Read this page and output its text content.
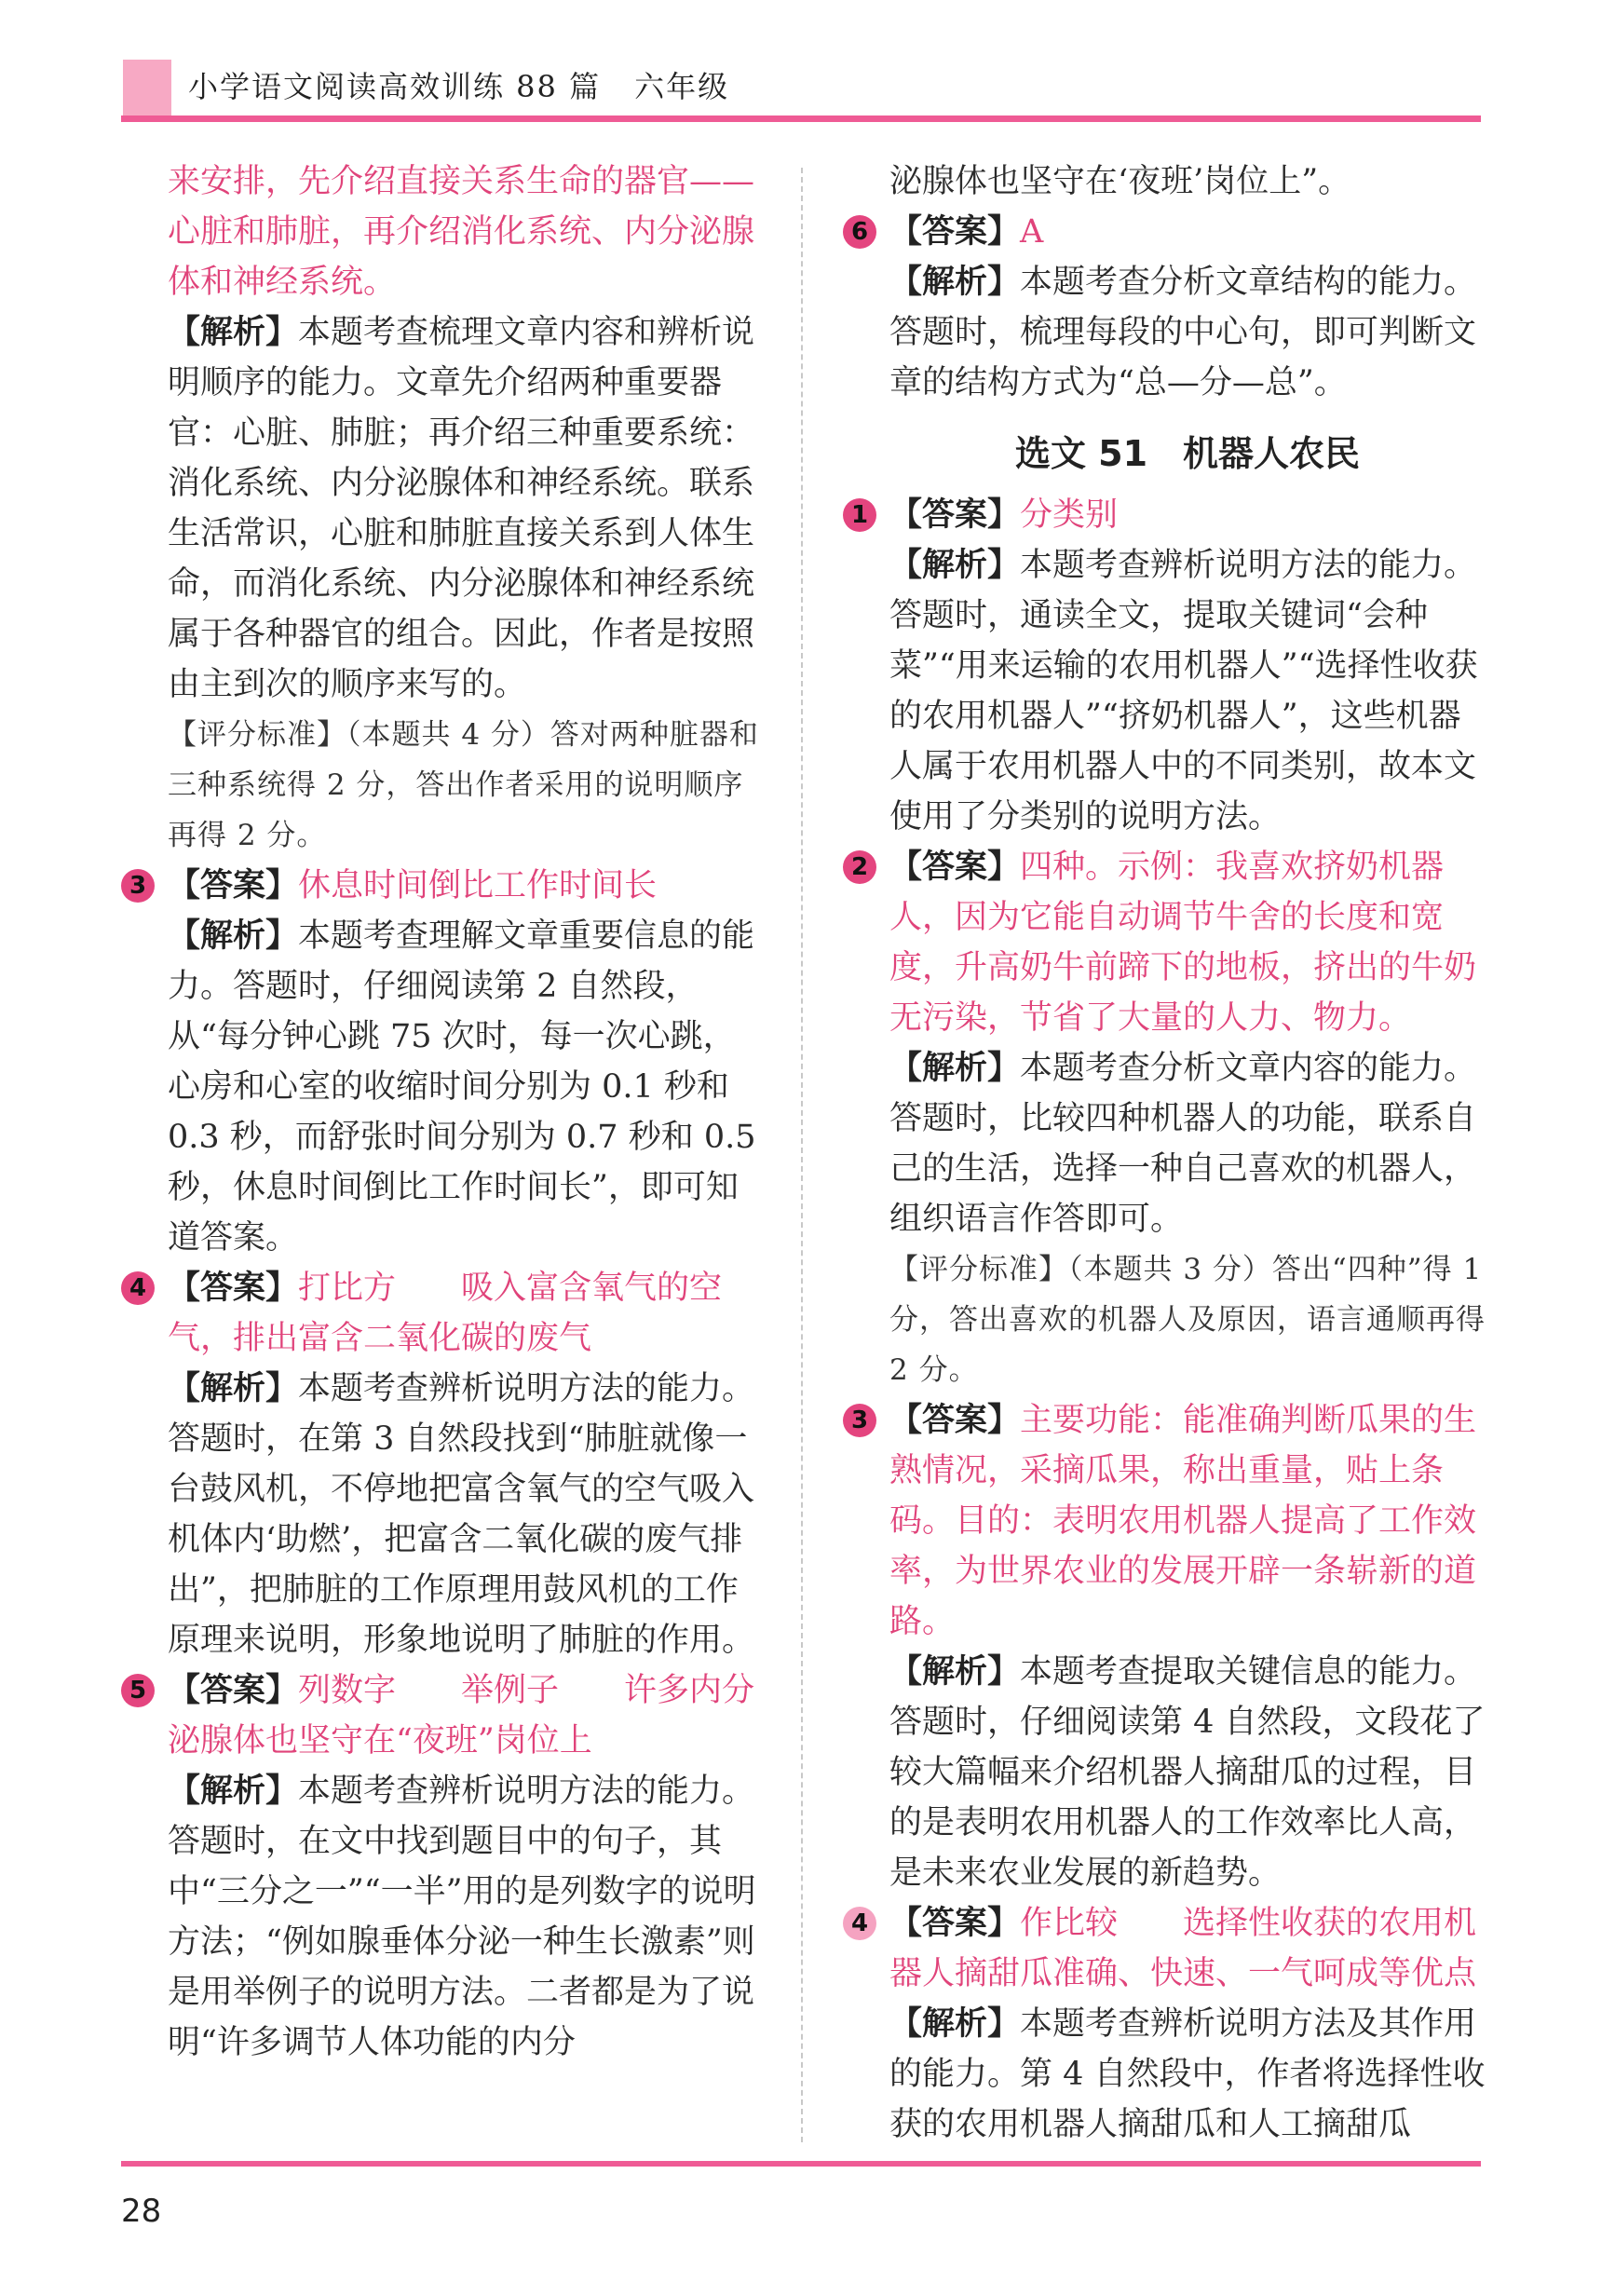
小学语文阅读高效训练 88 篇 六年级

来安排，先介绍直接关系生命的器官——心脏和肺脏，再介绍消化系统、内分泌腺体和神经系统。

【解析】本题考查梳理文章内容和辨析说明顺序的能力。文章先介绍两种重要器官：心脏、肺脏；再介绍三种重要系统：消化系统、内分泌腺体和神经系统。联系生活常识，心脏和肺脏直接关系到人体生命，而消化系统、内分泌腺体和神经系统属于各种器官的组合。因此，作者是按照由主到次的顺序来写的。

【评分标准】（本题共 4 分）答对两种脏器和三种系统得 2 分，答出作者采用的说明顺序再得 2 分。

3 【答案】休息时间倒比工作时间长

【解析】本题考查理解文章重要信息的能力。答题时，仔细阅读第 2 自然段，从“每分钟心跳 75 次时，每一次心跳，心房和心室的收缩时间分别为 0.1 秒和 0.3 秒，而舒张时间分别为 0.7 秒和 0.5 秒，休息时间倒比工作时间长”，即可知道答案。

4 【答案】打比方　　吸入富含氧气的空气，排出富含二氧化碳的废气

【解析】本题考查辨析说明方法的能力。答题时，在第 3 自然段找到“肺脏就像一台鼓风机，不停地把富含氧气的空气吸入机体内‘助燃’，把富含二氧化碳的废气排出”，把肺脏的工作原理用鼓风机的工作原理来说明，形象地说明了肺脏的作用。

5 【答案】列数字　　举例子　　许多内分泌腺体也坚守在“夜班”岗位上

【解析】本题考查辨析说明方法的能力。答题时，在文中找到题目中的句子，其中“三分之一”“一半”用的是列数字的说明方法；“例如腺垂体分泌一种生长激素”则是用举例子的说明方法。二者都是为了说明“许多调节人体功能的内分

泌腺体也坚守在‘夜班’岗位上”。

6 【答案】A

【解析】本题考查分析文章结构的能力。答题时，梳理每段的中心句，即可判断文章的结构方式为“总—分—总”。

选文 51　机器人农民

1 【答案】分类别

【解析】本题考查辨析说明方法的能力。答题时，通读全文，提取关键词“会种菜”“用来运输的农用机器人”“选择性收获的农用机器人”“挤奶机器人”，这些机器人属于农用机器人中的不同类别，故本文使用了分类别的说明方法。

2 【答案】四种。示例：我喜欢挤奶机器人，因为它能自动调节牛舍的长度和宽度，升高奶牛前蹄下的地板，挤出的牛奶无污染，节省了大量的人力、物力。

【解析】本题考查分析文章内容的能力。答题时，比较四种机器人的功能，联系自己的生活，选择一种自己喜欢的机器人，组织语言作答即可。

【评分标准】（本题共 3 分）答出“四种”得 1 分，答出喜欢的机器人及原因，语言通顺再得 2 分。

3 【答案】主要功能：能准确判断瓜果的生熟情况，采摘瓜果，称出重量，贴上条码。目的：表明农用机器人提高了工作效率，为世界农业的发展开辟一条崭新的道路。

【解析】本题考查提取关键信息的能力。答题时，仔细阅读第 4 自然段，文段花了较大篇幅来介绍机器人摘甜瓜的过程，目的是表明农用机器人的工作效率比人高，是未来农业发展的新趋势。

4 【答案】作比较　　选择性收获的农用机器人摘甜瓜准确、快速、一气呵成等优点

【解析】本题考查辨析说明方法及其作用的能力。第 4 自然段中，作者将选择性收获的农用机器人摘甜瓜和人工摘甜瓜

28
